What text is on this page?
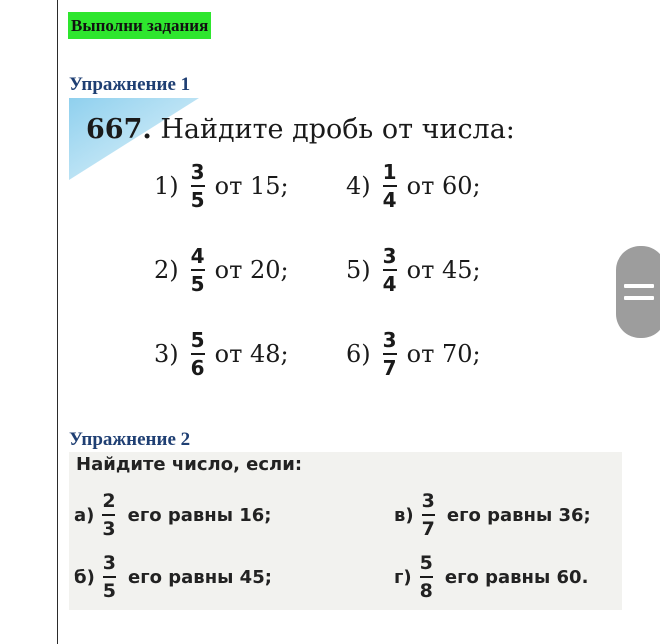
Выполни задания
Упражнение 1
667. Найдите дробь от числа:
$1) \frac{3}{5}$ от 15; $4) \frac{1}{4}$ от 60;
$2) \frac{4}{5}$ от 20; $5) \frac{3}{4}$ от 45;
$3) \frac{5}{6}$ от 48; $6) \frac{3}{7}$ от 70;
Упражнение 2
Найдите число, если:
$а) \frac{2}{3}$ его равны 16;	$в) \frac{3}{7}$ его равны 36;
$б) \frac{3}{5}$ его равны 45;	$г) \frac{5}{8}$ его равны 60.
